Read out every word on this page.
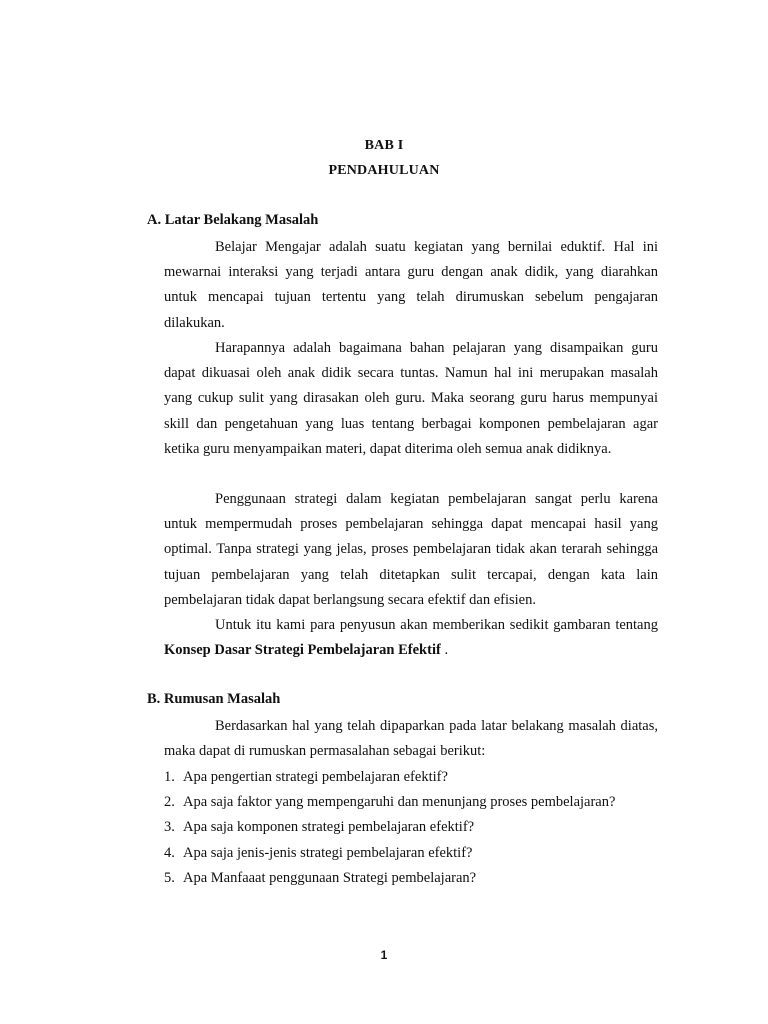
BAB I
PENDAHULUAN
A. Latar Belakang Masalah

Belajar Mengajar adalah suatu kegiatan yang bernilai eduktif. Hal ini mewarnai interaksi yang terjadi antara guru dengan anak didik, yang diarahkan untuk mencapai tujuan tertentu yang telah dirumuskan sebelum pengajaran dilakukan.

Harapannya adalah bagaimana bahan pelajaran yang disampaikan guru dapat dikuasai oleh anak didik secara tuntas. Namun hal ini merupakan masalah yang cukup sulit yang dirasakan oleh guru. Maka seorang guru harus mempunyai skill dan pengetahuan yang luas tentang berbagai komponen pembelajaran agar ketika guru menyampaikan materi, dapat diterima oleh semua anak didiknya.

Penggunaan strategi dalam kegiatan pembelajaran sangat perlu karena untuk mempermudah proses pembelajaran sehingga dapat mencapai hasil yang optimal. Tanpa strategi yang jelas, proses pembelajaran tidak akan terarah sehingga tujuan pembelajaran yang telah ditetapkan sulit tercapai, dengan kata lain pembelajaran tidak dapat berlangsung secara efektif dan efisien.

Untuk itu kami para penyusun akan memberikan sedikit gambaran tentang Konsep Dasar Strategi Pembelajaran Efektif .

B. Rumusan Masalah

Berdasarkan hal yang telah dipaparkan pada latar belakang masalah diatas, maka dapat di rumuskan permasalahan sebagai berikut:

1. Apa pengertian strategi pembelajaran efektif?
2. Apa saja faktor yang mempengaruhi dan menunjang proses pembelajaran?
3. Apa saja komponen strategi pembelajaran efektif?
4. Apa saja jenis-jenis strategi pembelajaran efektif?
5. Apa Manfaaat penggunaan Strategi pembelajaran?
1
